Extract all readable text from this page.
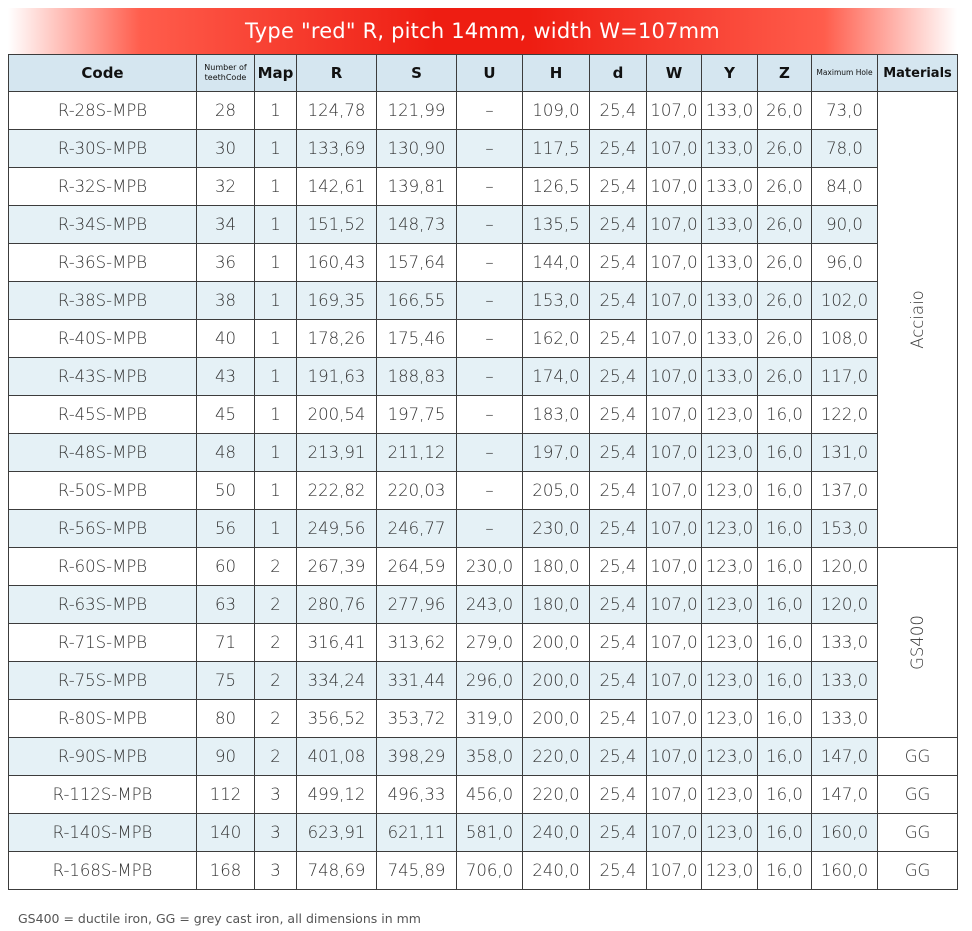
Type "red" R, pitch 14mm, width W=107mm
Code	Number of teethCode	Map	R	S	U	H	d	W	Y	Z	Maximum Hole	Materials
R-28S-MPB	28	1	124,78	121,99	–	109,0	25,4	107,0	133,0	26,0	73,0	Acciaio
R-30S-MPB	30	1	133,69	130,90	–	117,5	25,4	107,0	133,0	26,0	78,0	
R-32S-MPB	32	1	142,61	139,81	–	126,5	25,4	107,0	133,0	26,0	84,0	
R-34S-MPB	34	1	151,52	148,73	–	135,5	25,4	107,0	133,0	26,0	90,0	
R-36S-MPB	36	1	160,43	157,64	–	144,0	25,4	107,0	133,0	26,0	96,0	
R-38S-MPB	38	1	169,35	166,55	–	153,0	25,4	107,0	133,0	26,0	102,0	
R-40S-MPB	40	1	178,26	175,46	–	162,0	25,4	107,0	133,0	26,0	108,0	
R-43S-MPB	43	1	191,63	188,83	–	174,0	25,4	107,0	133,0	26,0	117,0	
R-45S-MPB	45	1	200,54	197,75	–	183,0	25,4	107,0	123,0	16,0	122,0	
R-48S-MPB	48	1	213,91	211,12	–	197,0	25,4	107,0	123,0	16,0	131,0	
R-50S-MPB	50	1	222,82	220,03	–	205,0	25,4	107,0	123,0	16,0	137,0	
R-56S-MPB	56	1	249,56	246,77	–	230,0	25,4	107,0	123,0	16,0	153,0	
R-60S-MPB	60	2	267,39	264,59	230,0	180,0	25,4	107,0	123,0	16,0	120,0	GS400
R-63S-MPB	63	2	280,76	277,96	243,0	180,0	25,4	107,0	123,0	16,0	120,0	
R-71S-MPB	71	2	316,41	313,62	279,0	200,0	25,4	107,0	123,0	16,0	133,0	
R-75S-MPB	75	2	334,24	331,44	296,0	200,0	25,4	107,0	123,0	16,0	133,0	
R-80S-MPB	80	2	356,52	353,72	319,0	200,0	25,4	107,0	123,0	16,0	133,0	
R-90S-MPB	90	2	401,08	398,29	358,0	220,0	25,4	107,0	123,0	16,0	147,0	GG
R-112S-MPB	112	3	499,12	496,33	456,0	220,0	25,4	107,0	123,0	16,0	147,0	GG
R-140S-MPB	140	3	623,91	621,11	581,0	240,0	25,4	107,0	123,0	16,0	160,0	GG
R-168S-MPB	168	3	748,69	745,89	706,0	240,0	25,4	107,0	123,0	16,0	160,0	GG
GS400 = ductile iron, GG = grey cast iron, all dimensions in mm
